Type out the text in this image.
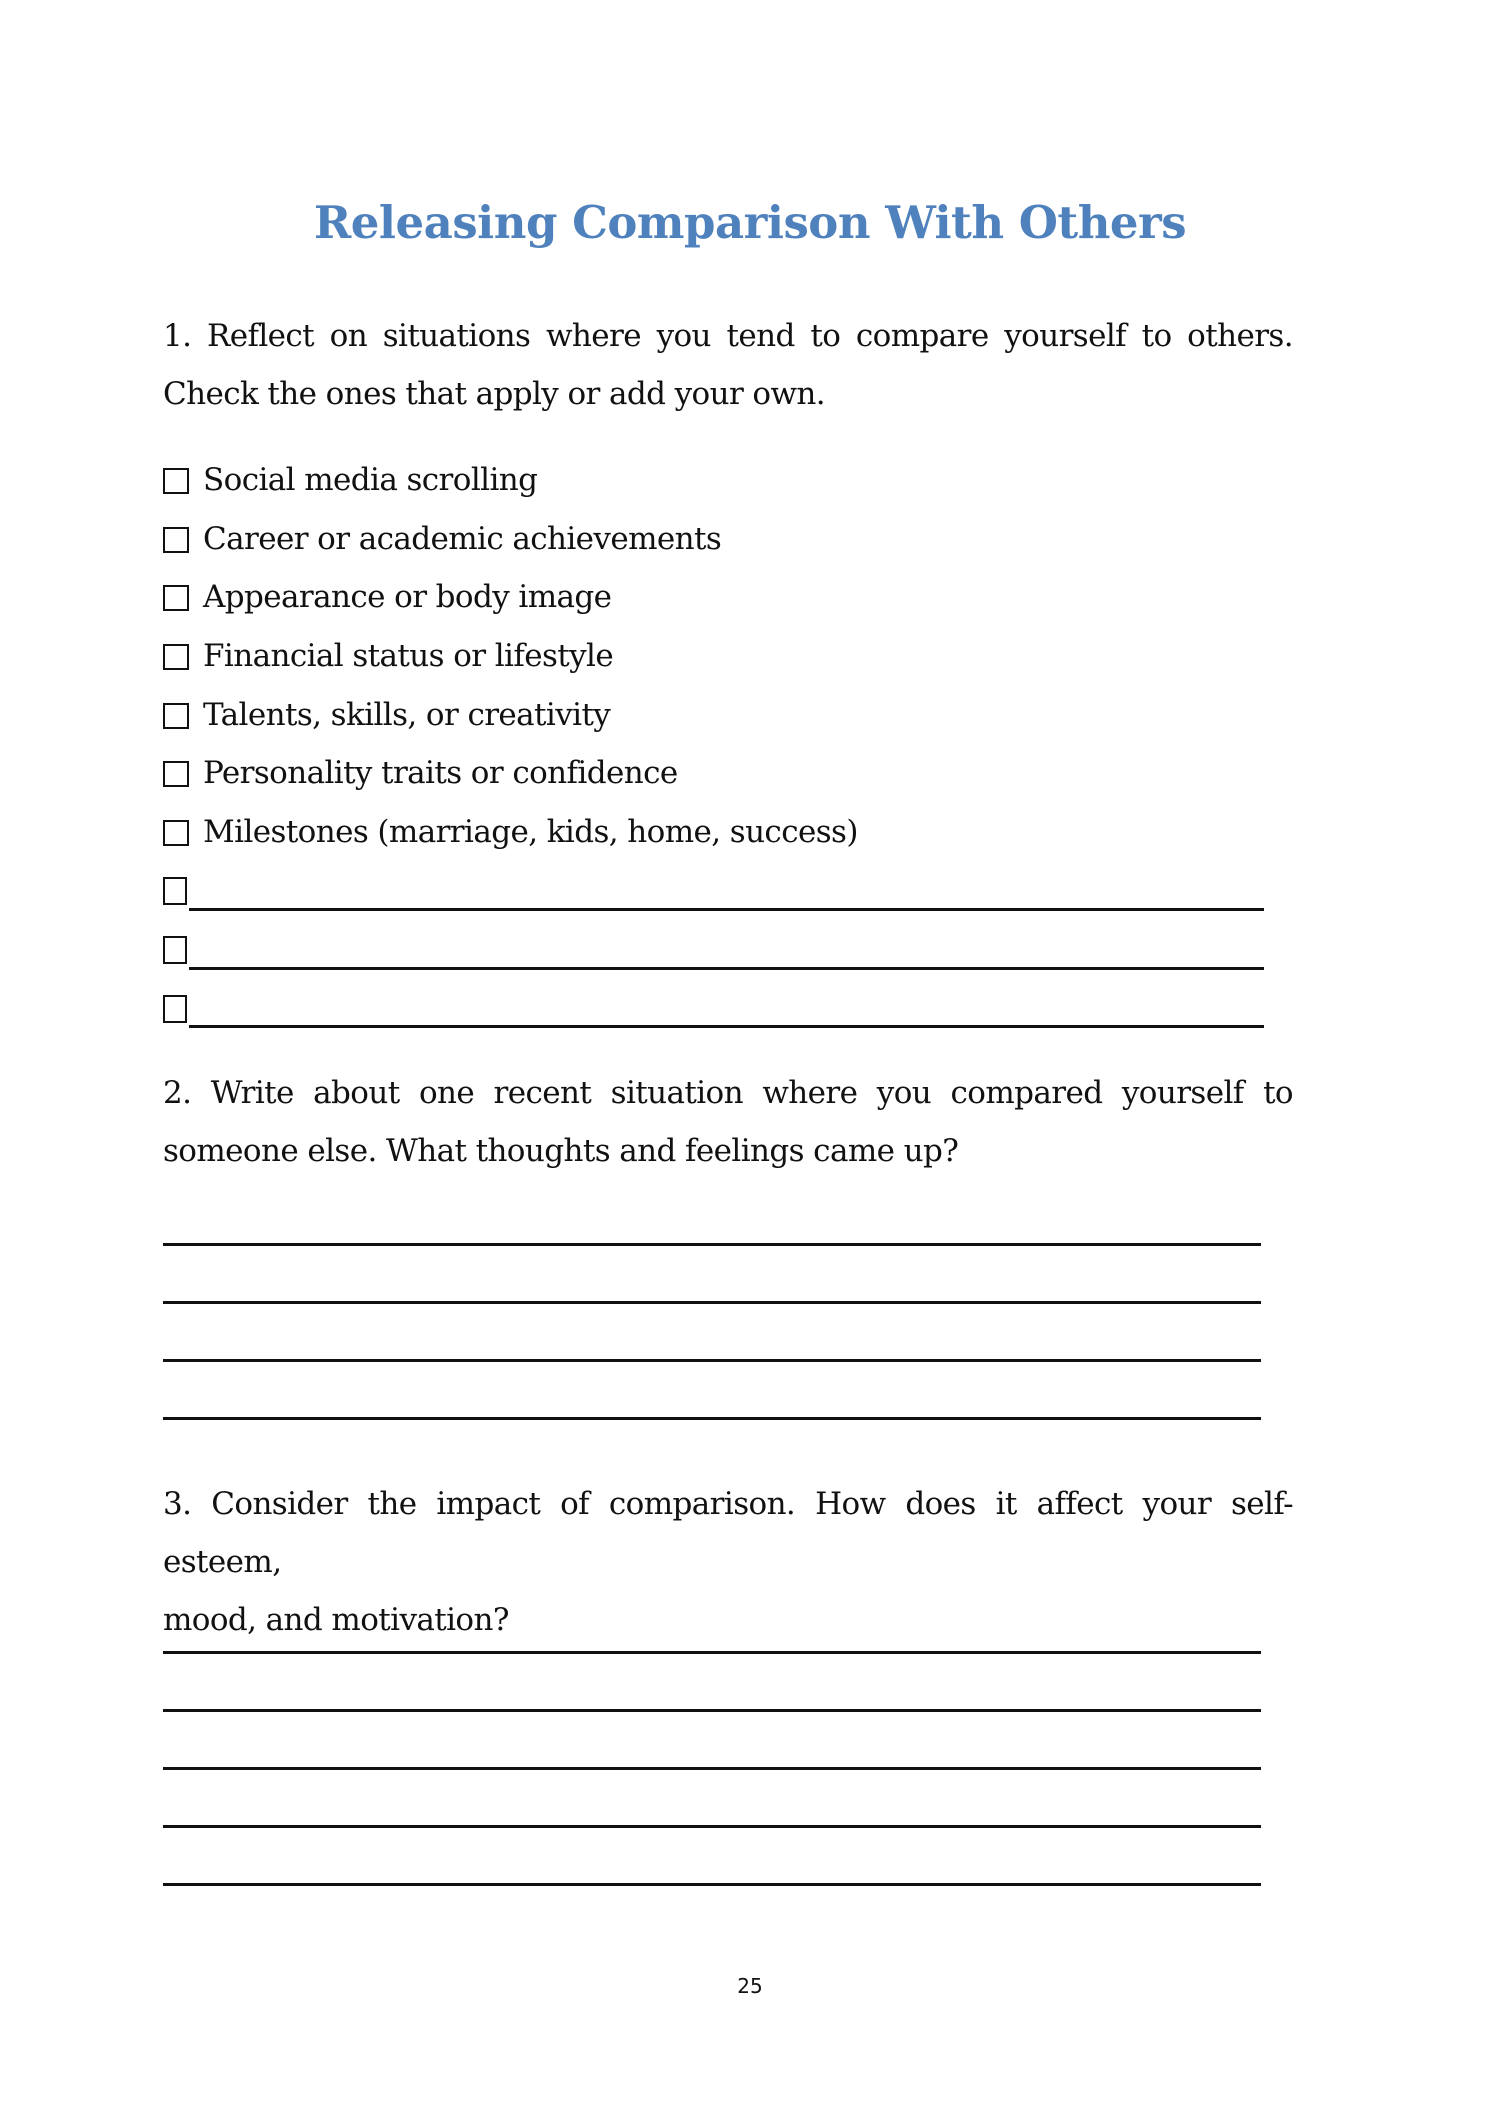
Releasing Comparison With Others
1. Reflect on situations where you tend to compare yourself to others.
Check the ones that apply or add your own.
Social media scrolling
Career or academic achievements
Appearance or body image
Financial status or lifestyle
Talents, skills, or creativity
Personality traits or confidence
Milestones (marriage, kids, home, success)
2. Write about one recent situation where you compared yourself to
someone else. What thoughts and feelings came up?
3. Consider the impact of comparison. How does it affect your self-esteem,
mood, and motivation?
25
